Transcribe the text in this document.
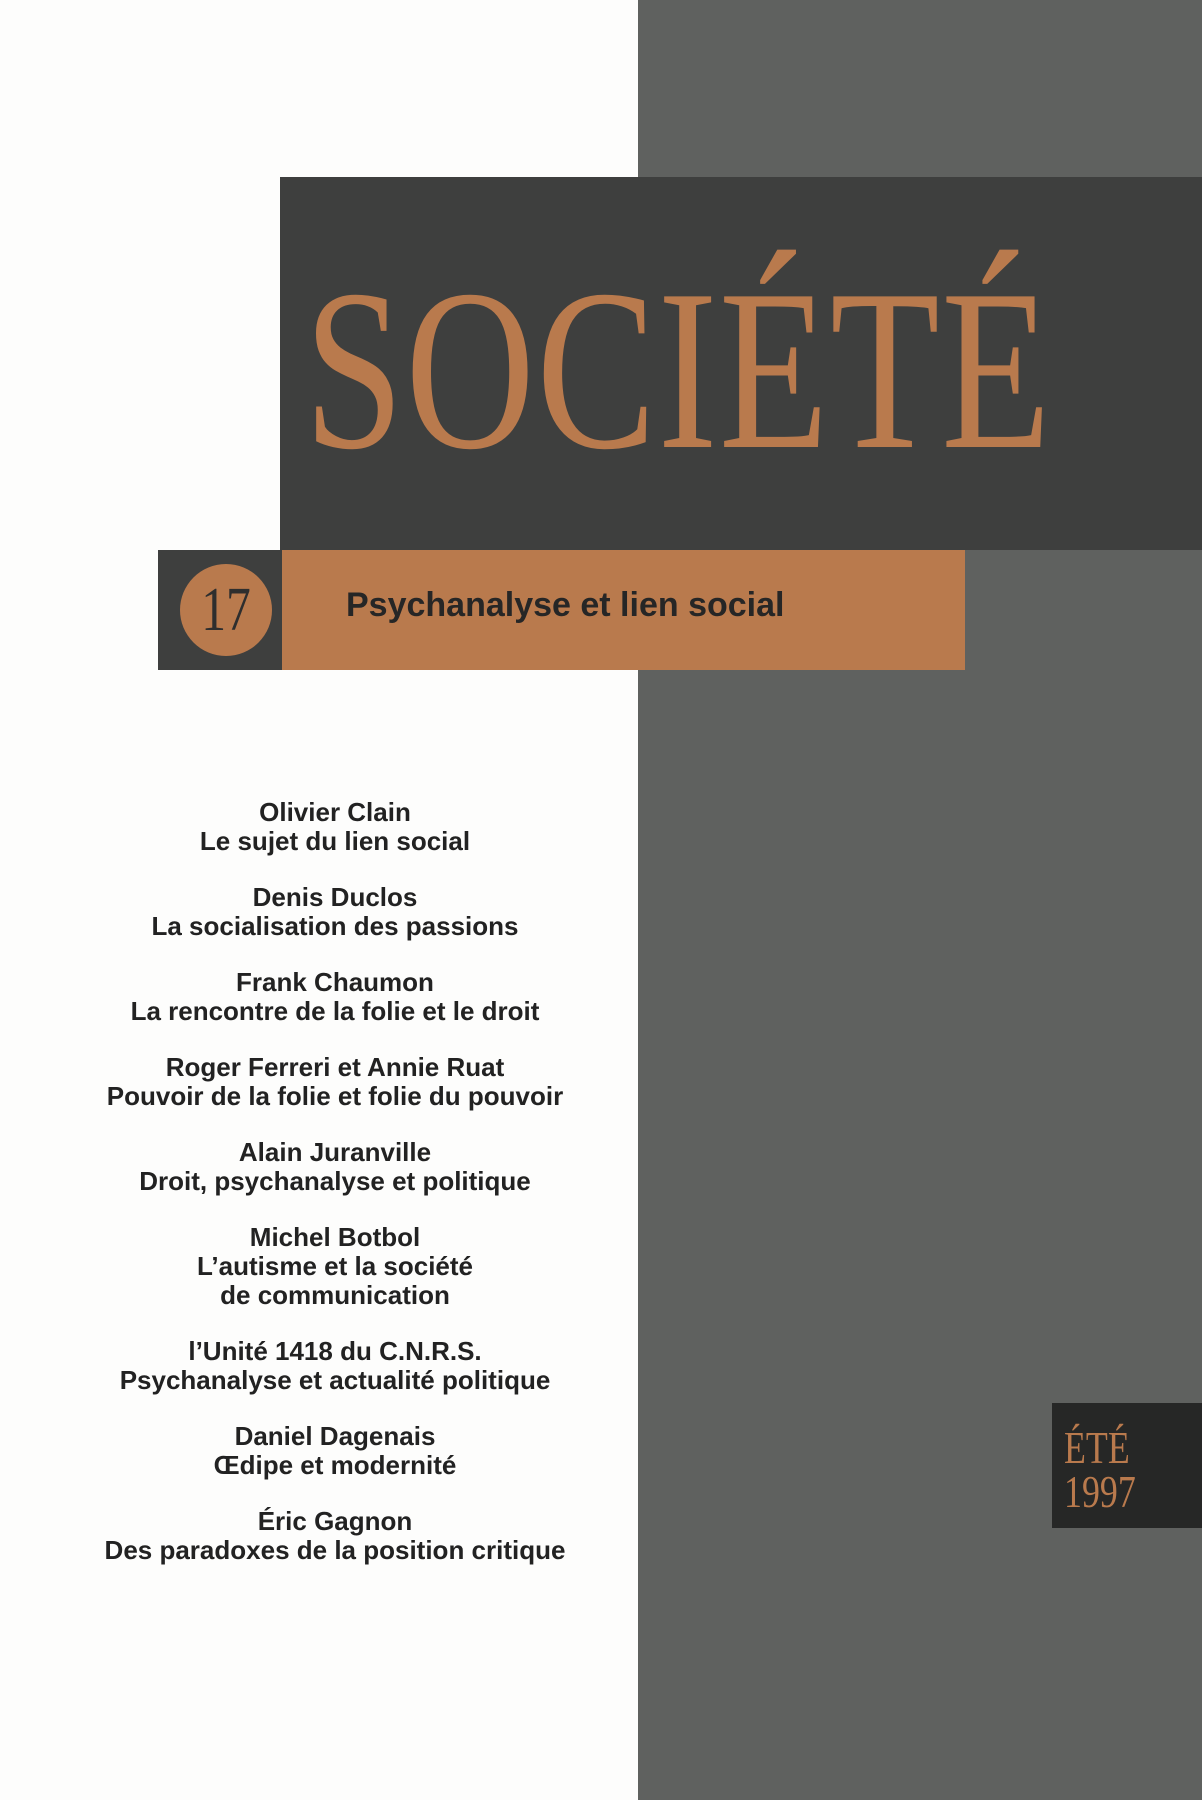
SOCIÉTÉ
17	Psychanalyse et lien social
Olivier Clain
Le sujet du lien social
Denis Duclos
La socialisation des passions
Frank Chaumon
La rencontre de la folie et le droit
Roger Ferreri et Annie Ruat
Pouvoir de la folie et folie du pouvoir
Alain Juranville
Droit, psychanalyse et politique
Michel Botbol
L’autisme et la société
de communication
l’Unité 1418 du C.N.R.S.
Psychanalyse et actualité politique
Daniel Dagenais
Œdipe et modernité
Éric Gagnon
Des paradoxes de la position critique
ÉTÉ
1997
